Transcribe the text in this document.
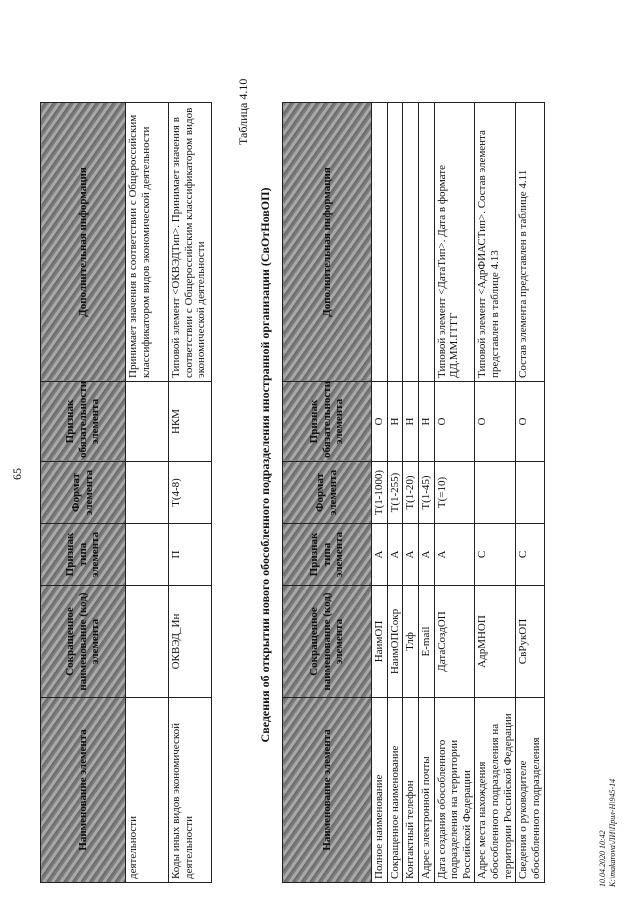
65
Наименование элемента	Сокращенное наименование (код) элемента	Признак типа элемента	Формат элемента	Признак обязательности элемента	Дополнительная информация
деятельности					Принимает значения в соответствии с Общероссийским классификатором видов экономической деятельности
Коды иных видов экономической деятельности	ОКВЭД_Ин	П	T(4-8)	НКМ	Типовой элемент <ОКВЭДТип>. Принимает значения в соответствии с Общероссийским классификатором видов экономической деятельности
Таблица 4.10
Сведения об открытии нового обособленного подразделения иностранной организации (СвОтНовОП)
Наименование элемента	Сокращенное наименование (код) элемента	Признак типа элемента	Формат элемента	Признак обязательности элемента	Дополнительная информация
Полное наименование	НаимОП	А	T(1-1000)	О	
Сокращенное наименование	НаимОПСокр	А	T(1-255)	Н	
Контактный телефон	Тлф	А	T(1-20)	Н	
Адрес электронной почты	E-mail	А	T(1-45)	Н	
Дата создания обособленного подразделения на территории Российской Федерации	ДатаСоздОП	А	T(=10)	О	Типовой элемент <ДатаТип>. Дата в формате ДД.ММ.ГГГГ
Адрес места нахождения обособленного подразделения на территории Российской Федерации	АдрМНОП	С		О	Типовой элемент <АдрФИАСТип>. Состав элемента представлен в таблице 4.13
Сведения о руководителе обособленного подразделения	СвРукОП	С		О	Состав элемента представлен в таблице 4.11
10.04.2020 10:42 К:\makarova\ЛИ\Прил-Н\945-14
